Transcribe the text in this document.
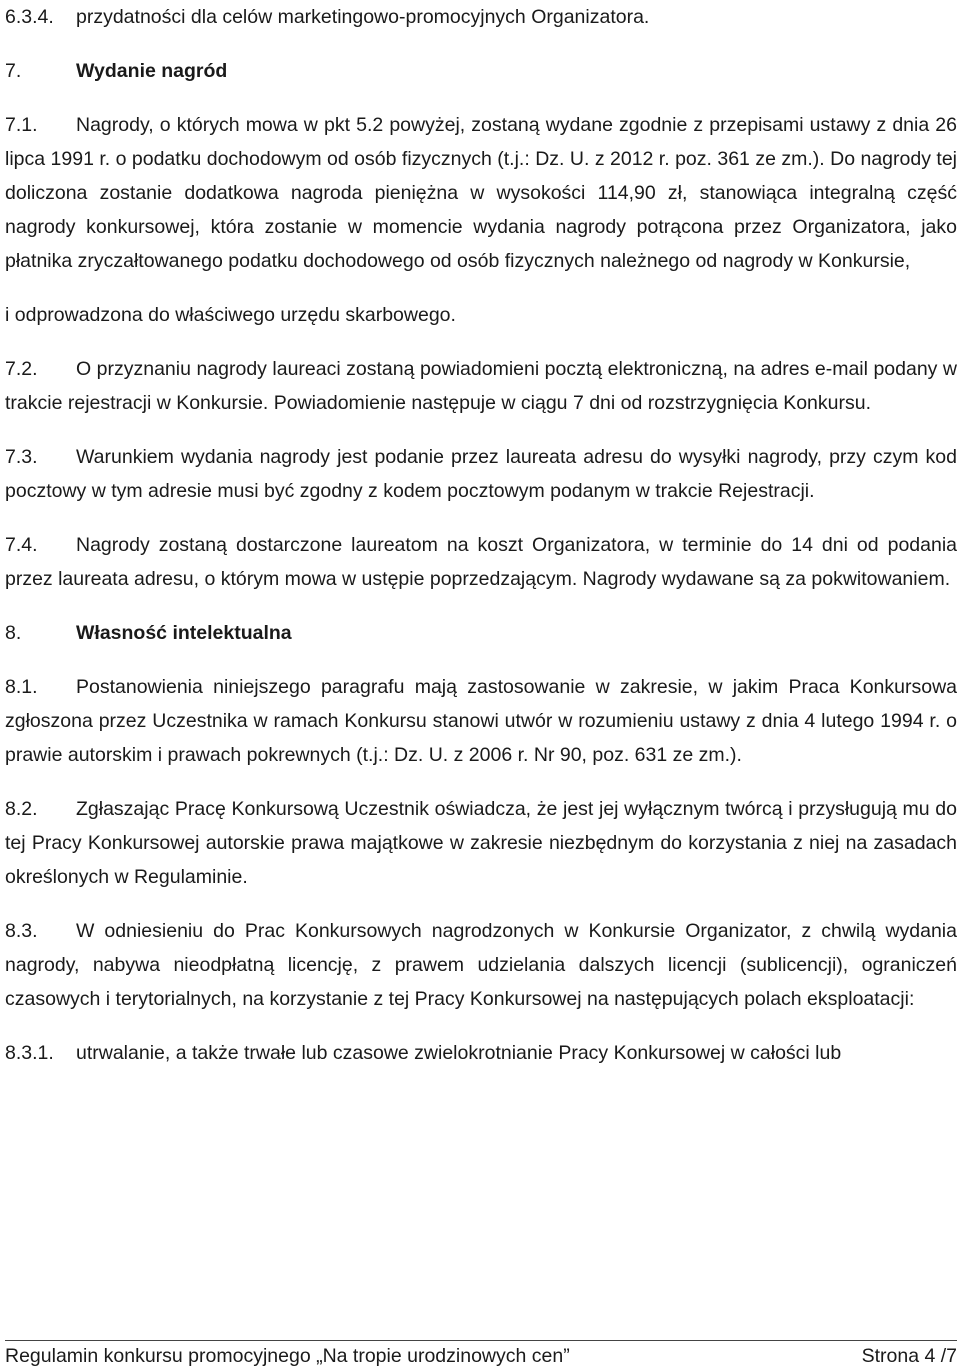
6.3.4. przydatności dla celów marketingowo-promocyjnych Organizatora.

7.	Wydanie nagród

7.1. Nagrody, o których mowa w pkt 5.2 powyżej, zostaną wydane zgodnie z przepisami ustawy z dnia 26 lipca 1991 r. o podatku dochodowym od osób fizycznych (t.j.: Dz. U. z 2012 r. poz. 361 ze zm.). Do nagrody tej doliczona zostanie dodatkowa nagroda pieniężna w wysokości 114,90 zł, stanowiąca integralną część nagrody konkursowej, która zostanie w momencie wydania nagrody potrącona przez Organizatora, jako płatnika zryczałtowanego podatku dochodowego od osób fizycznych należnego od nagrody w Konkursie,

i odprowadzona do właściwego urzędu skarbowego.

7.2. O przyznaniu nagrody laureaci zostaną powiadomieni pocztą elektroniczną, na adres e-mail podany w trakcie rejestracji w Konkursie. Powiadomienie następuje w ciągu 7 dni od rozstrzygnięcia Konkursu.

7.3. Warunkiem wydania nagrody jest podanie przez laureata adresu do wysyłki nagrody, przy czym kod pocztowy w tym adresie musi być zgodny z kodem pocztowym podanym w trakcie Rejestracji.

7.4. Nagrody zostaną dostarczone laureatom na koszt Organizatora, w terminie do 14 dni od podania przez laureata adresu, o którym mowa w ustępie poprzedzającym. Nagrody wydawane są za pokwitowaniem.

8.	Własność intelektualna

8.1. Postanowienia niniejszego paragrafu mają zastosowanie w zakresie, w jakim Praca Konkursowa zgłoszona przez Uczestnika w ramach Konkursu stanowi utwór w rozumieniu ustawy z dnia 4 lutego 1994 r. o prawie autorskim i prawach pokrewnych (t.j.: Dz. U. z 2006 r. Nr 90, poz. 631 ze zm.).

8.2. Zgłaszając Pracę Konkursową Uczestnik oświadcza, że jest jej wyłącznym twórcą i przysługują mu do tej Pracy Konkursowej autorskie prawa majątkowe w zakresie niezbędnym do korzystania z niej na zasadach określonych w Regulaminie.

8.3. W odniesieniu do Prac Konkursowych nagrodzonych w Konkursie Organizator, z chwilą wydania nagrody, nabywa nieodpłatną licencję, z prawem udzielania dalszych licencji (sublicencji), ograniczeń czasowych i terytorialnych, na korzystanie z tej Pracy Konkursowej na następujących polach eksploatacji:

8.3.1. utrwalanie, a także trwałe lub czasowe zwielokrotnianie Pracy Konkursowej w całości lub

Regulamin konkursu promocyjnego „Na tropie urodzinowych cen”	Strona 4 /7
